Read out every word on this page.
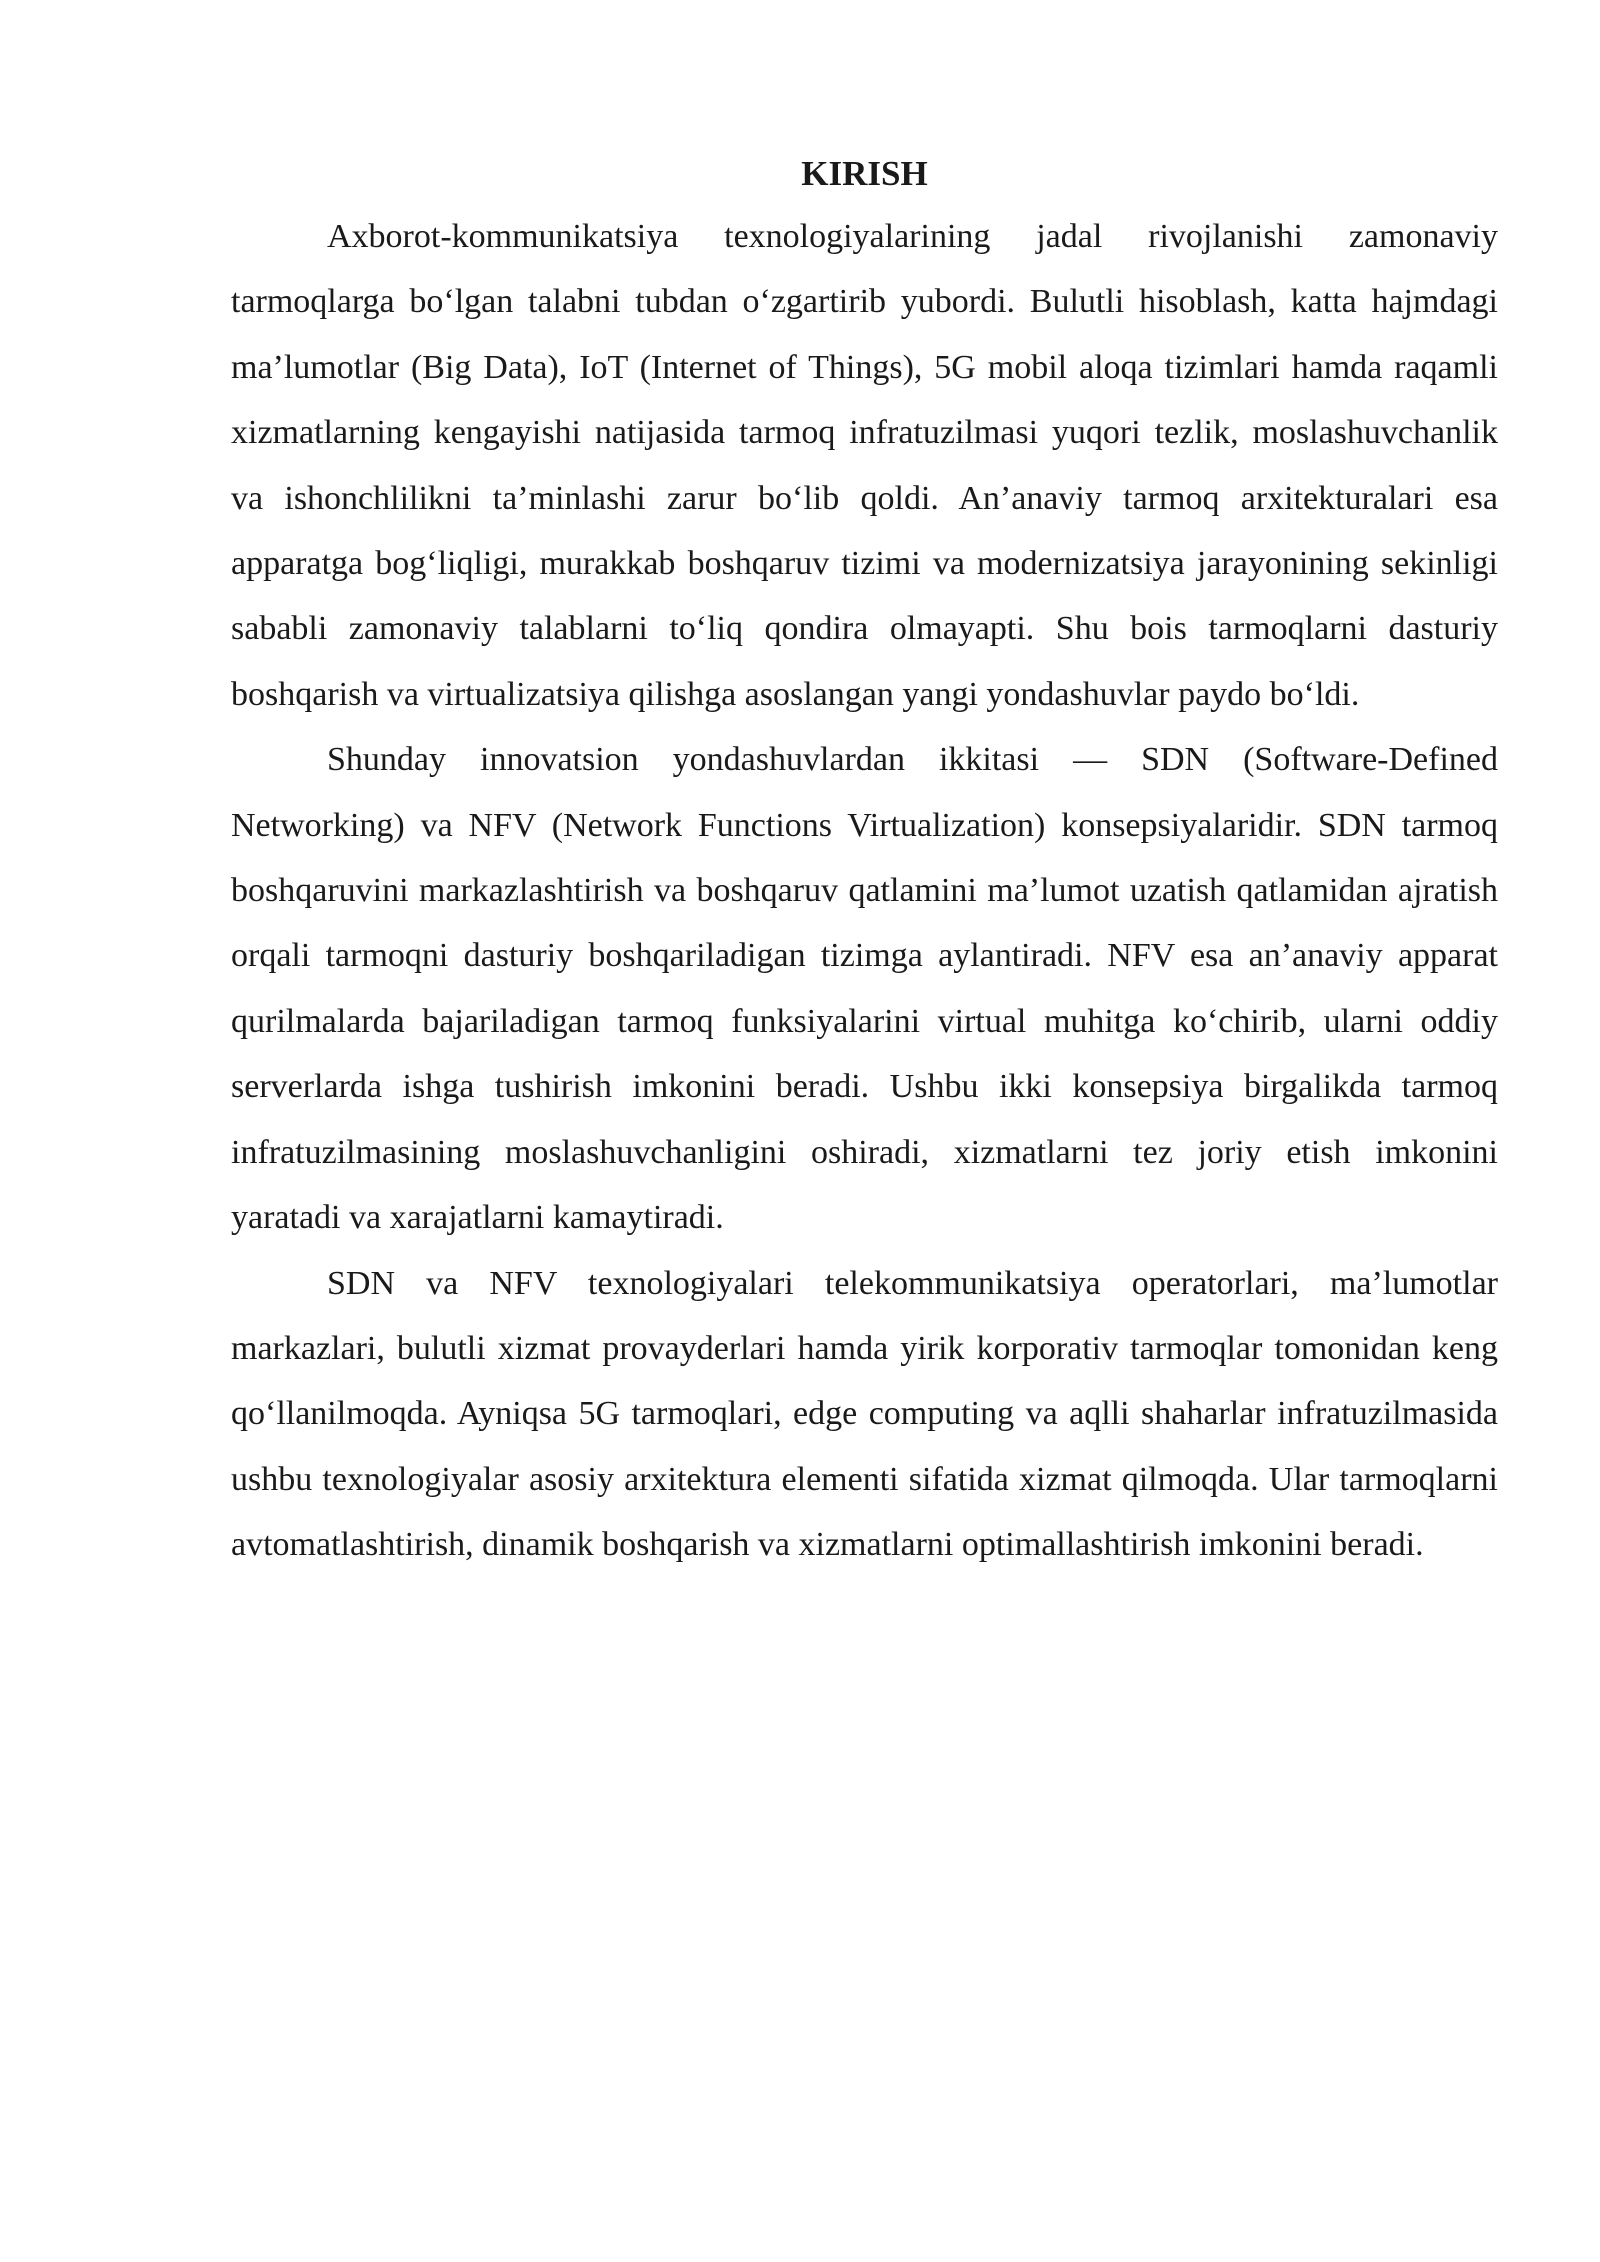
KIRISH

Axborot-kommunikatsiya texnologiyalarining jadal rivojlanishi zamonaviy tarmoqlarga bo‘lgan talabni tubdan o‘zgartirib yubordi. Bulutli hisoblash, katta hajmdagi ma’lumotlar (Big Data), IoT (Internet of Things), 5G mobil aloqa tizimlari hamda raqamli xizmatlarning kengayishi natijasida tarmoq infratuzilmasi yuqori tezlik, moslashuvchanlik va ishonchlilikni ta’minlashi zarur bo‘lib qoldi. An’anaviy tarmoq arxitekturalari esa apparatga bog‘liqligi, murakkab boshqaruv tizimi va modernizatsiya jarayonining sekinligi sababli zamonaviy talablarni to‘liq qondira olmayapti. Shu bois tarmoqlarni dasturiy boshqarish va virtualizatsiya qilishga asoslangan yangi yondashuvlar paydo bo‘ldi.

Shunday innovatsion yondashuvlardan ikkitasi — SDN (Software-Defined Networking) va NFV (Network Functions Virtualization) konsepsiyalaridir. SDN tarmoq boshqaruvini markazlashtirish va boshqaruv qatlamini ma’lumot uzatish qatlamidan ajratish orqali tarmoqni dasturiy boshqariladigan tizimga aylantiradi. NFV esa an’anaviy apparat qurilmalarda bajariladigan tarmoq funksiyalarini virtual muhitga ko‘chirib, ularni oddiy serverlarda ishga tushirish imkonini beradi. Ushbu ikki konsepsiya birgalikda tarmoq infratuzilmasining moslashuvchanligini oshiradi, xizmatlarni tez joriy etish imkonini yaratadi va xarajatlarni kamaytiradi.

SDN va NFV texnologiyalari telekommunikatsiya operatorlari, ma’lumotlar markazlari, bulutli xizmat provayderlari hamda yirik korporativ tarmoqlar tomonidan keng qo‘llanilmoqda. Ayniqsa 5G tarmoqlari, edge computing va aqlli shaharlar infratuzilmasida ushbu texnologiyalar asosiy arxitektura elementi sifatida xizmat qilmoqda. Ular tarmoqlarni avtomatlashtirish, dinamik boshqarish va xizmatlarni optimallashtirish imkonini beradi.
